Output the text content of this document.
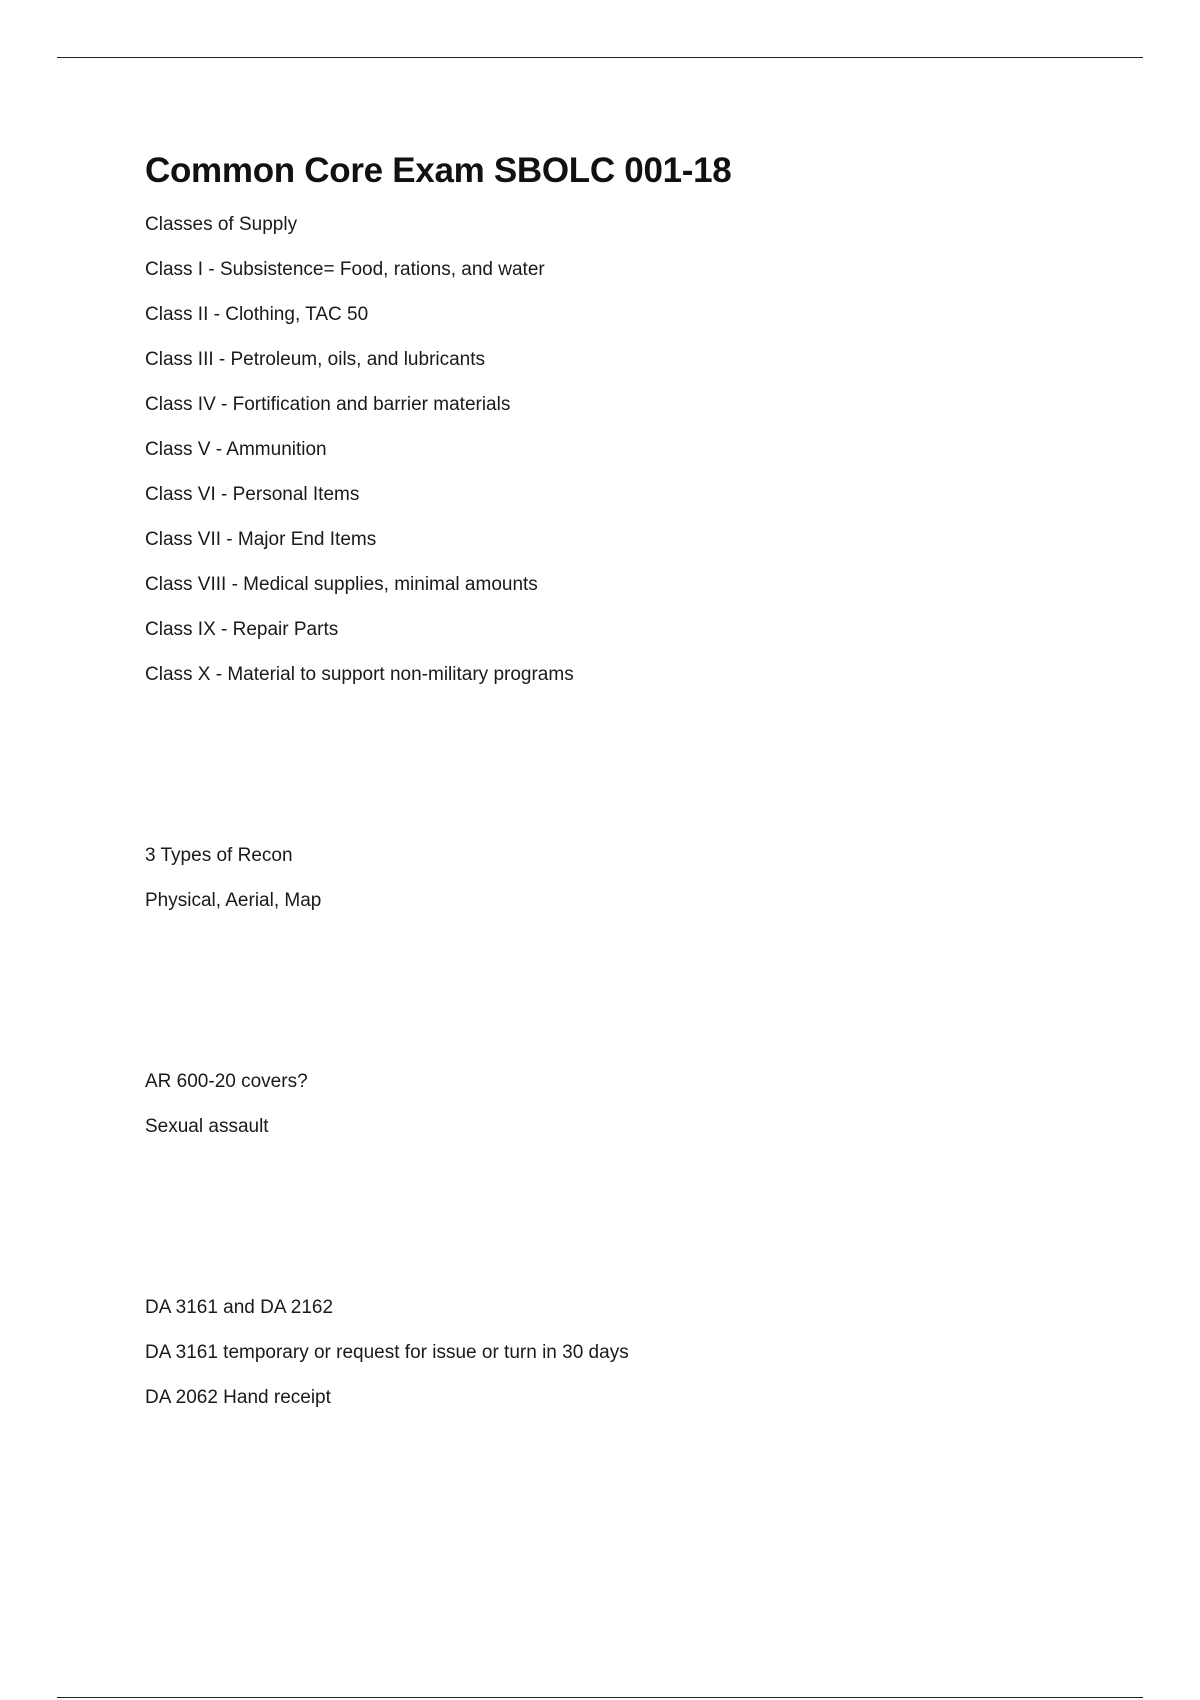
Common Core Exam SBOLC 001-18

Classes of Supply

Class I - Subsistence= Food, rations, and water

Class II - Clothing, TAC 50

Class III - Petroleum, oils, and lubricants

Class IV - Fortification and barrier materials

Class V - Ammunition

Class VI - Personal Items

Class VII - Major End Items

Class VIII - Medical supplies, minimal amounts

Class IX - Repair Parts

Class X - Material to support non-military programs

3 Types of Recon

Physical, Aerial, Map

AR 600-20 covers?

Sexual assault

DA 3161 and DA 2162

DA 3161 temporary or request for issue or turn in 30 days

DA 2062 Hand receipt
